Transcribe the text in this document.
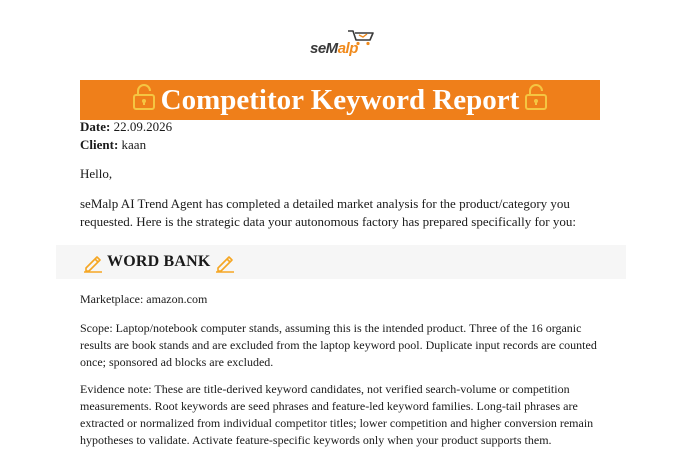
seMalp
Competitor Keyword Report
Date: 22.09.2026
Client: kaan
Hello,
seMalp AI Trend Agent has completed a detailed market analysis for the product/category you requested. Here is the strategic data your autonomous factory has prepared specifically for you:
WORD BANK
Marketplace: amazon.com
Scope: Laptop/notebook computer stands, assuming this is the intended product. Three of the 16 organic results are book stands and are excluded from the laptop keyword pool. Duplicate input records are counted once; sponsored ad blocks are excluded.
Evidence note: These are title-derived keyword candidates, not verified search-volume or competition measurements. Root keywords are seed phrases and feature-led keyword families. Long-tail phrases are extracted or normalized from individual competitor titles; lower competition and higher conversion remain hypotheses to validate. Activate feature-specific keywords only when your product supports them.
